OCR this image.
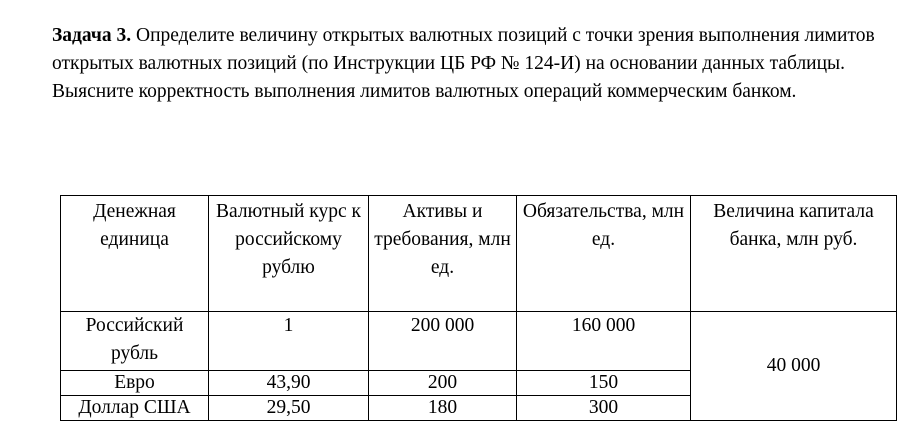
Задача 3. Определите величину открытых валютных позиций с точки зрения выполнения лимитов открытых валютных позиций (по Инструкции ЦБ РФ № 124-И) на основании данных таблицы. Выясните корректность выполнения лимитов валютных операций коммерческим банком.

Денежная единица	Валютный курс к российскому рублю	Активы и требования, млн ед.	Обязательства, млн ед.	Величина капитала банка, млн руб.
Российский рубль	1	200 000	160 000	40 000
Евро	43,90	200	150	
Доллар США	29,50	180	300	
